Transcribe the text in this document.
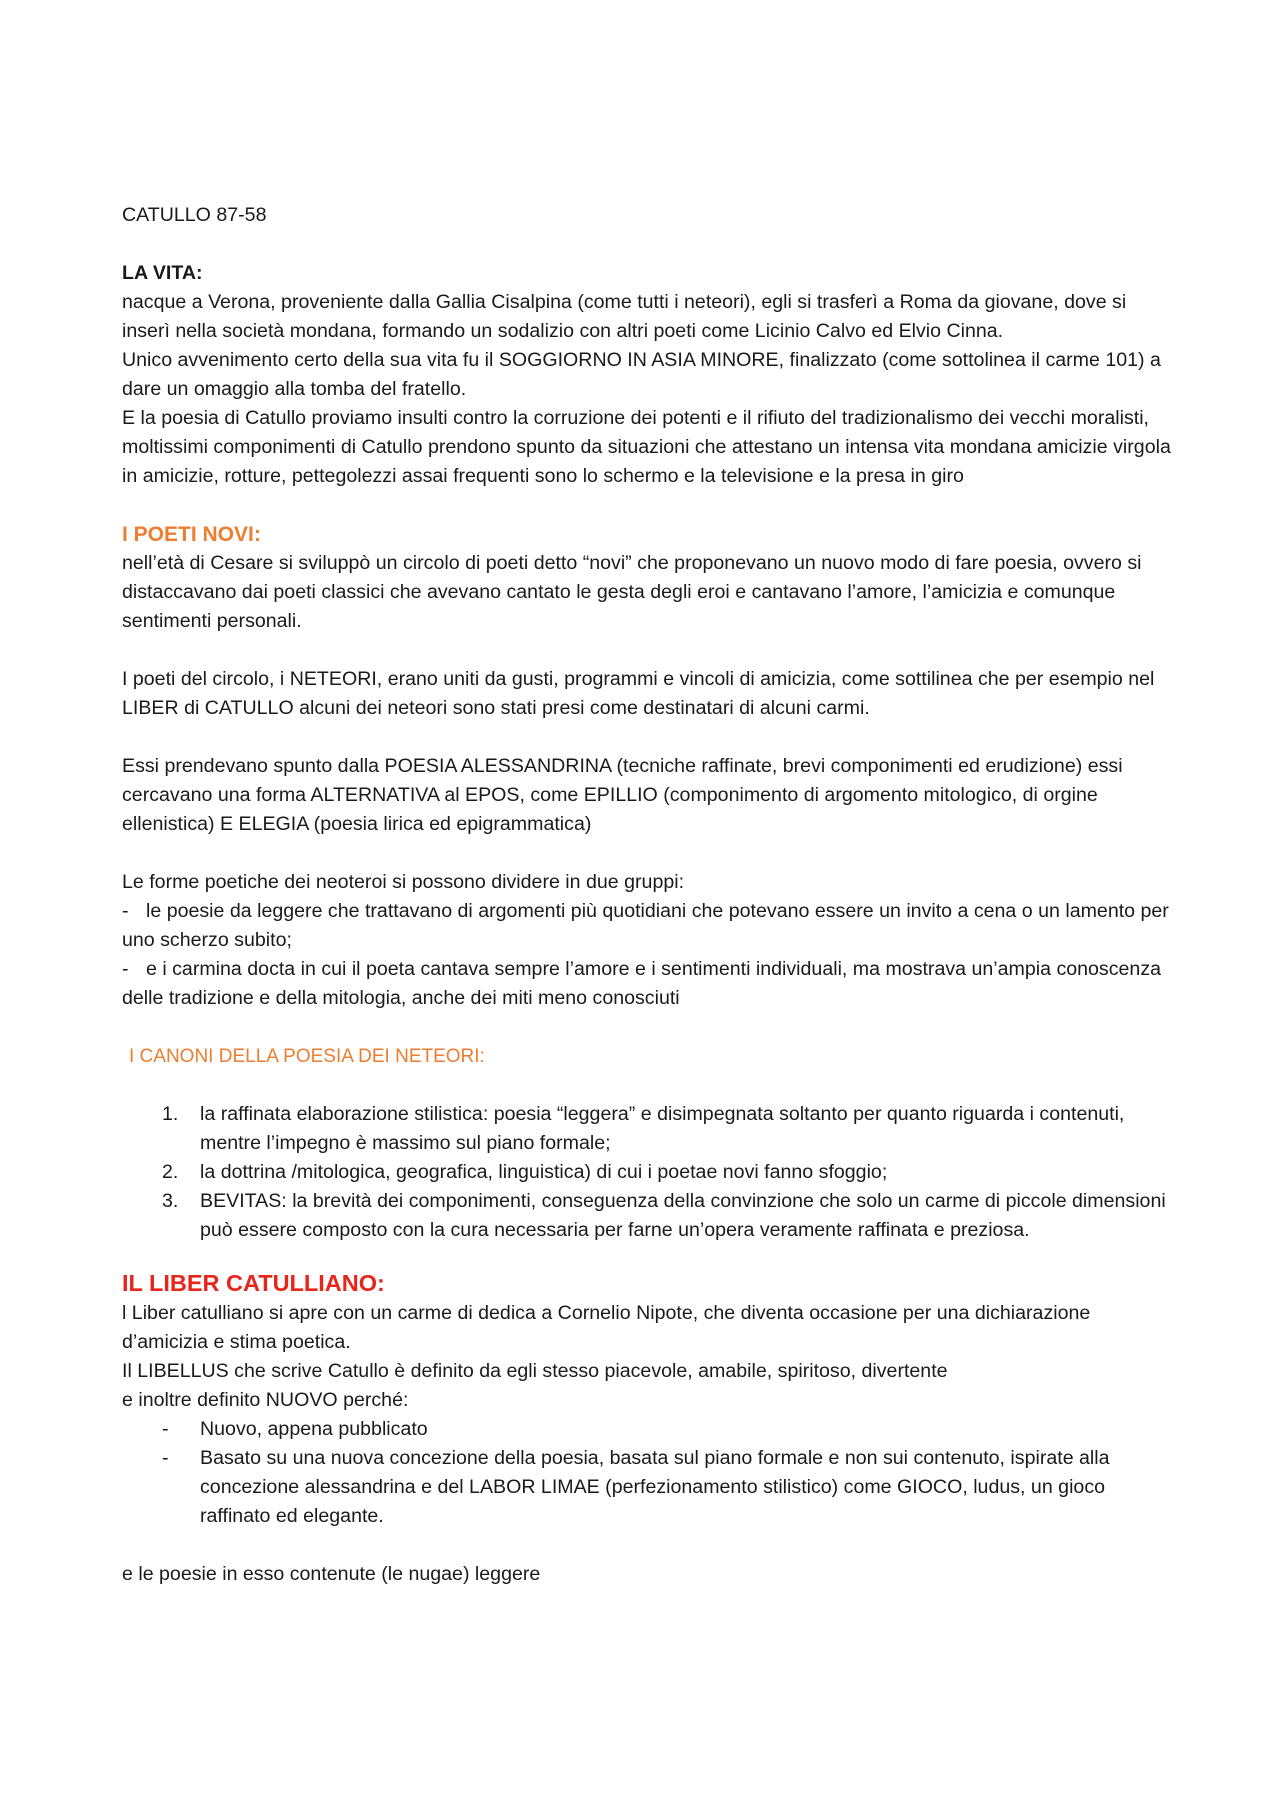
CATULLO 87-58

LA VITA:

nacque a Verona, proveniente dalla Gallia Cisalpina (come tutti i neteori), egli si trasferì a Roma da giovane, dove si inserì nella società mondana, formando un sodalizio con altri poeti come Licinio Calvo ed Elvio Cinna.

Unico avvenimento certo della sua vita fu il SOGGIORNO IN ASIA MINORE, finalizzato (come sottolinea il carme 101) a dare un omaggio alla tomba del fratello.

E la poesia di Catullo proviamo insulti contro la corruzione dei potenti e il rifiuto del tradizionalismo dei vecchi moralisti, moltissimi componimenti di Catullo prendono spunto da situazioni che attestano un intensa vita mondana amicizie virgola in amicizie, rotture, pettegolezzi assai frequenti sono lo schermo e la televisione e la presa in giro

I POETI NOVI:

nell’età di Cesare si sviluppò un circolo di poeti detto “novi” che proponevano un nuovo modo di fare poesia, ovvero si distaccavano dai poeti classici che avevano cantato le gesta degli eroi e cantavano l’amore, l’amicizia e comunque sentimenti personali.

I poeti del circolo, i NETEORI, erano uniti da gusti, programmi e vincoli di amicizia, come sottilinea che per esempio nel LIBER di CATULLO alcuni dei neteori sono stati presi come destinatari di alcuni carmi.

Essi prendevano spunto dalla POESIA ALESSANDRINA (tecniche raffinate, brevi componimenti ed erudizione) essi cercavano una forma ALTERNATIVA al EPOS, come EPILLIO (componimento di argomento mitologico, di orgine ellenistica) E ELEGIA (poesia lirica ed epigrammatica)

Le forme poetiche dei neoteroi si possono dividere in due gruppi:

- le poesie da leggere che trattavano di argomenti più quotidiani che potevano essere un invito a cena o un lamento per uno scherzo subito;

- e i carmina docta in cui il poeta cantava sempre l’amore e i sentimenti individuali, ma mostrava un’ampia conoscenza delle tradizione e della mitologia, anche dei miti meno conosciuti

I CANONI DELLA POESIA DEI NETEORI:

1. la raffinata elaborazione stilistica: poesia “leggera” e disimpegnata soltanto per quanto riguarda i contenuti, mentre l’impegno è massimo sul piano formale;
2. la dottrina /mitologica, geografica, linguistica) di cui i poetae novi fanno sfoggio;
3. BEVITAS: la brevità dei componimenti, conseguenza della convinzione che solo un carme di piccole dimensioni può essere composto con la cura necessaria per farne un’opera veramente raffinata e preziosa.

IL LIBER CATULLIANO:

l Liber catulliano si apre con un carme di dedica a Cornelio Nipote, che diventa occasione per una dichiarazione d’amicizia e stima poetica.

Il LIBELLUS che scrive Catullo è definito da egli stesso piacevole, amabile, spiritoso, divertente

e inoltre definito NUOVO perché:

- Nuovo, appena pubblicato
- Basato su una nuova concezione della poesia, basata sul piano formale e non sui contenuto, ispirate alla concezione alessandrina e del LABOR LIMAE (perfezionamento stilistico) come GIOCO, ludus, un gioco raffinato ed elegante.

e le poesie in esso contenute (le nugae) leggere
